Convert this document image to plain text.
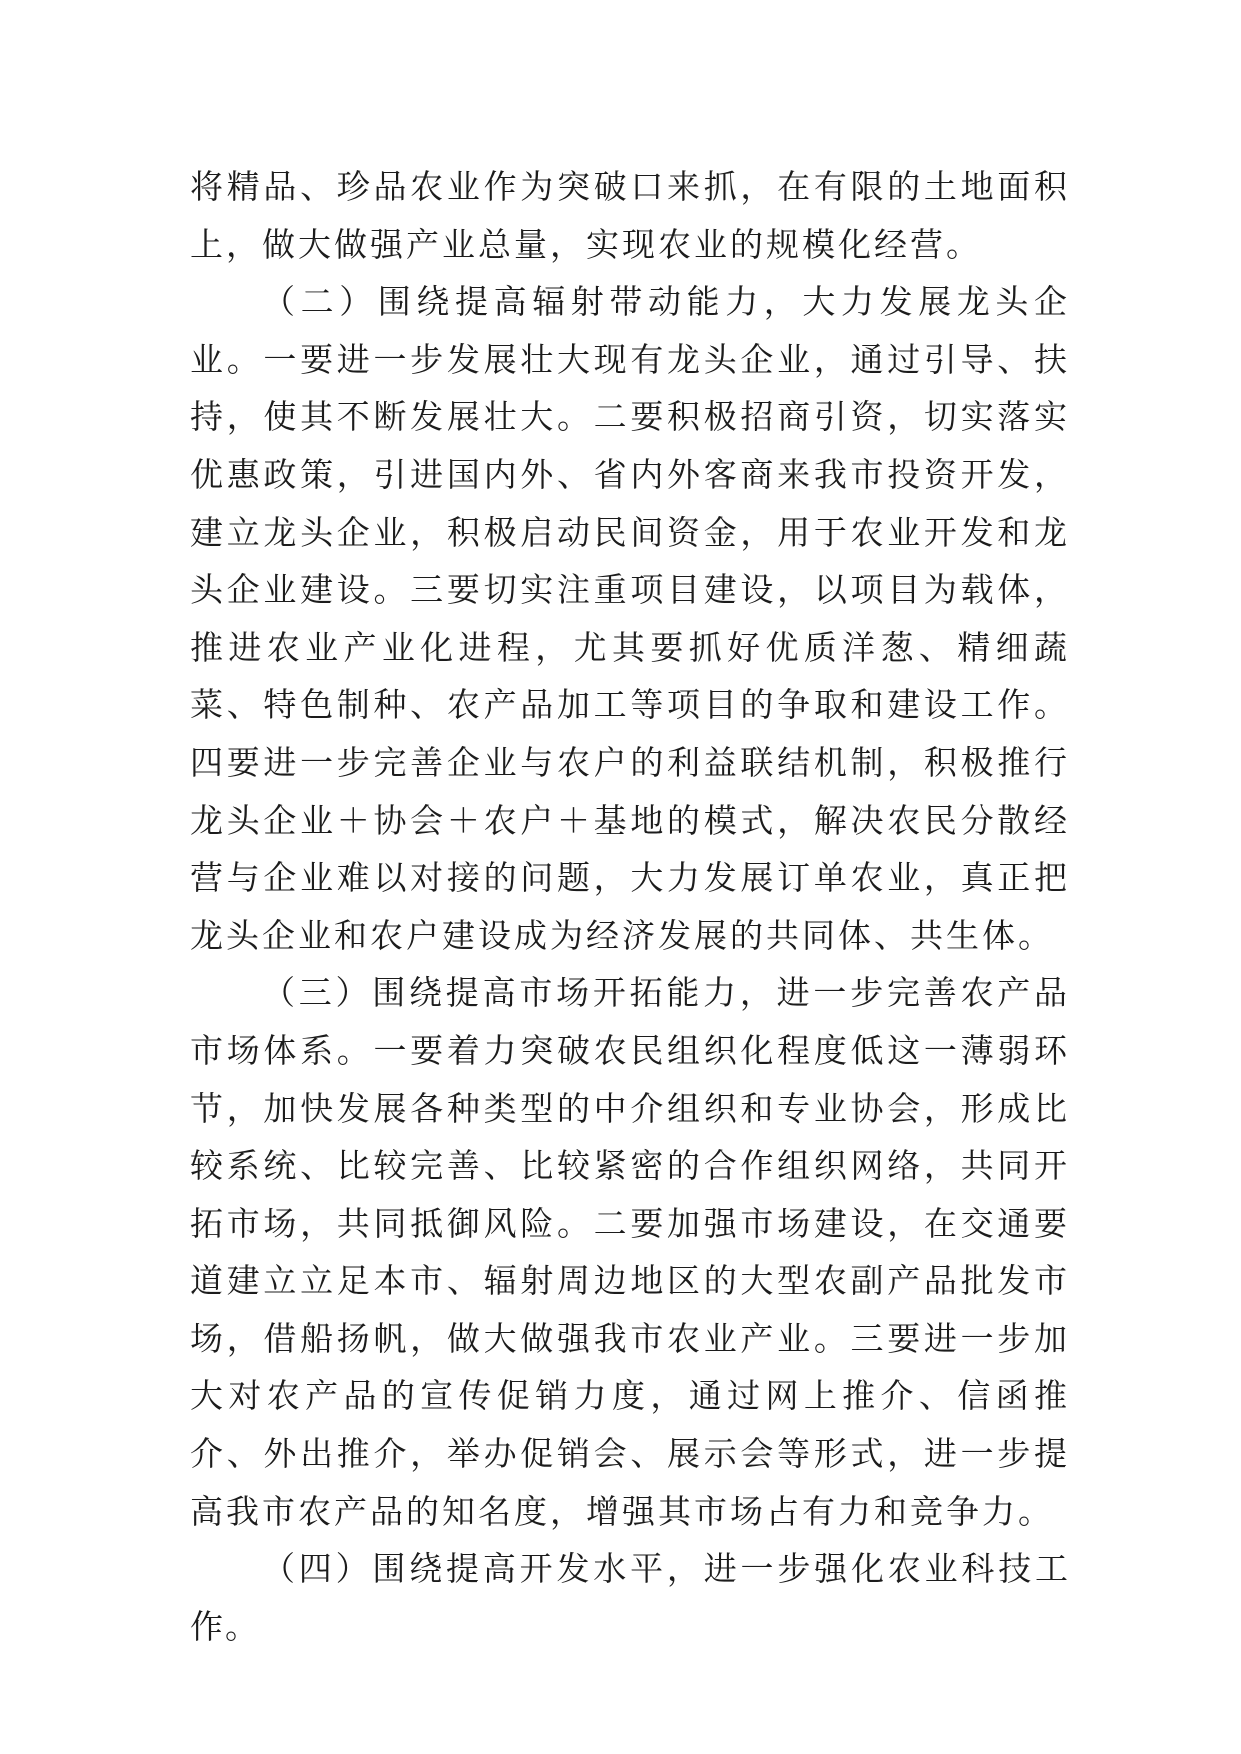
将精品、珍品农业作为突破口来抓，在有限的土地面积上，做大做强产业总量，实现农业的规模化经营。

（二）围绕提高辐射带动能力，大力发展龙头企业。一要进一步发展壮大现有龙头企业，通过引导、扶持，使其不断发展壮大。二要积极招商引资，切实落实优惠政策，引进国内外、省内外客商来我市投资开发，建立龙头企业，积极启动民间资金，用于农业开发和龙头企业建设。三要切实注重项目建设，以项目为载体，推进农业产业化进程，尤其要抓好优质洋葱、精细蔬菜、特色制种、农产品加工等项目的争取和建设工作。四要进一步完善企业与农户的利益联结机制，积极推行龙头企业＋协会＋农户＋基地的模式，解决农民分散经营与企业难以对接的问题，大力发展订单农业，真正把龙头企业和农户建设成为经济发展的共同体、共生体。

（三）围绕提高市场开拓能力，进一步完善农产品市场体系。一要着力突破农民组织化程度低这一薄弱环节，加快发展各种类型的中介组织和专业协会，形成比较系统、比较完善、比较紧密的合作组织网络，共同开拓市场，共同抵御风险。二要加强市场建设，在交通要道建立立足本市、辐射周边地区的大型农副产品批发市场，借船扬帆，做大做强我市农业产业。三要进一步加大对农产品的宣传促销力度，通过网上推介、信函推介、外出推介，举办促销会、展示会等形式，进一步提高我市农产品的知名度，增强其市场占有力和竞争力。

（四）围绕提高开发水平，进一步强化农业科技工作。
